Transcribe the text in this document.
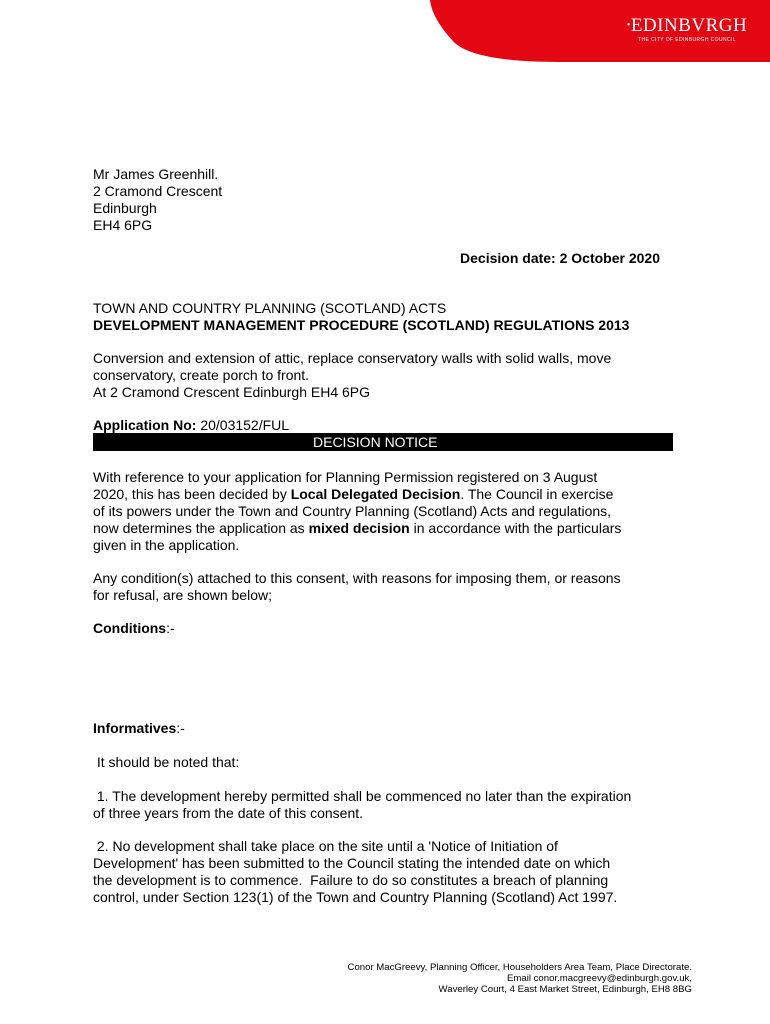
•EDINBVRGH
THE CITY OF EDINBURGH COUNCIL
Mr James Greenhill.
2 Cramond Crescent
Edinburgh
EH4 6PG
Decision date: 2 October 2020
TOWN AND COUNTRY PLANNING (SCOTLAND) ACTS
DEVELOPMENT MANAGEMENT PROCEDURE (SCOTLAND) REGULATIONS 2013
Conversion and extension of attic, replace conservatory walls with solid walls, move
conservatory, create porch to front.
At 2 Cramond Crescent Edinburgh EH4 6PG
Application No: 20/03152/FUL
DECISION NOTICE
With reference to your application for Planning Permission registered on 3 August
2020, this has been decided by Local Delegated Decision. The Council in exercise
of its powers under the Town and Country Planning (Scotland) Acts and regulations,
now determines the application as mixed decision in accordance with the particulars
given in the application.
Any condition(s) attached to this consent, with reasons for imposing them, or reasons
for refusal, are shown below;
Conditions:-
Informatives:-
It should be noted that:
1. The development hereby permitted shall be commenced no later than the expiration
of three years from the date of this consent.
2. No development shall take place on the site until a 'Notice of Initiation of
Development' has been submitted to the Council stating the intended date on which
the development is to commence.  Failure to do so constitutes a breach of planning
control, under Section 123(1) of the Town and Country Planning (Scotland) Act 1997.
Conor MacGreevy, Planning Officer, Householders Area Team, Place Directorate.
Email conor.macgreevy@edinburgh.gov.uk,
Waverley Court, 4 East Market Street, Edinburgh, EH8 8BG
